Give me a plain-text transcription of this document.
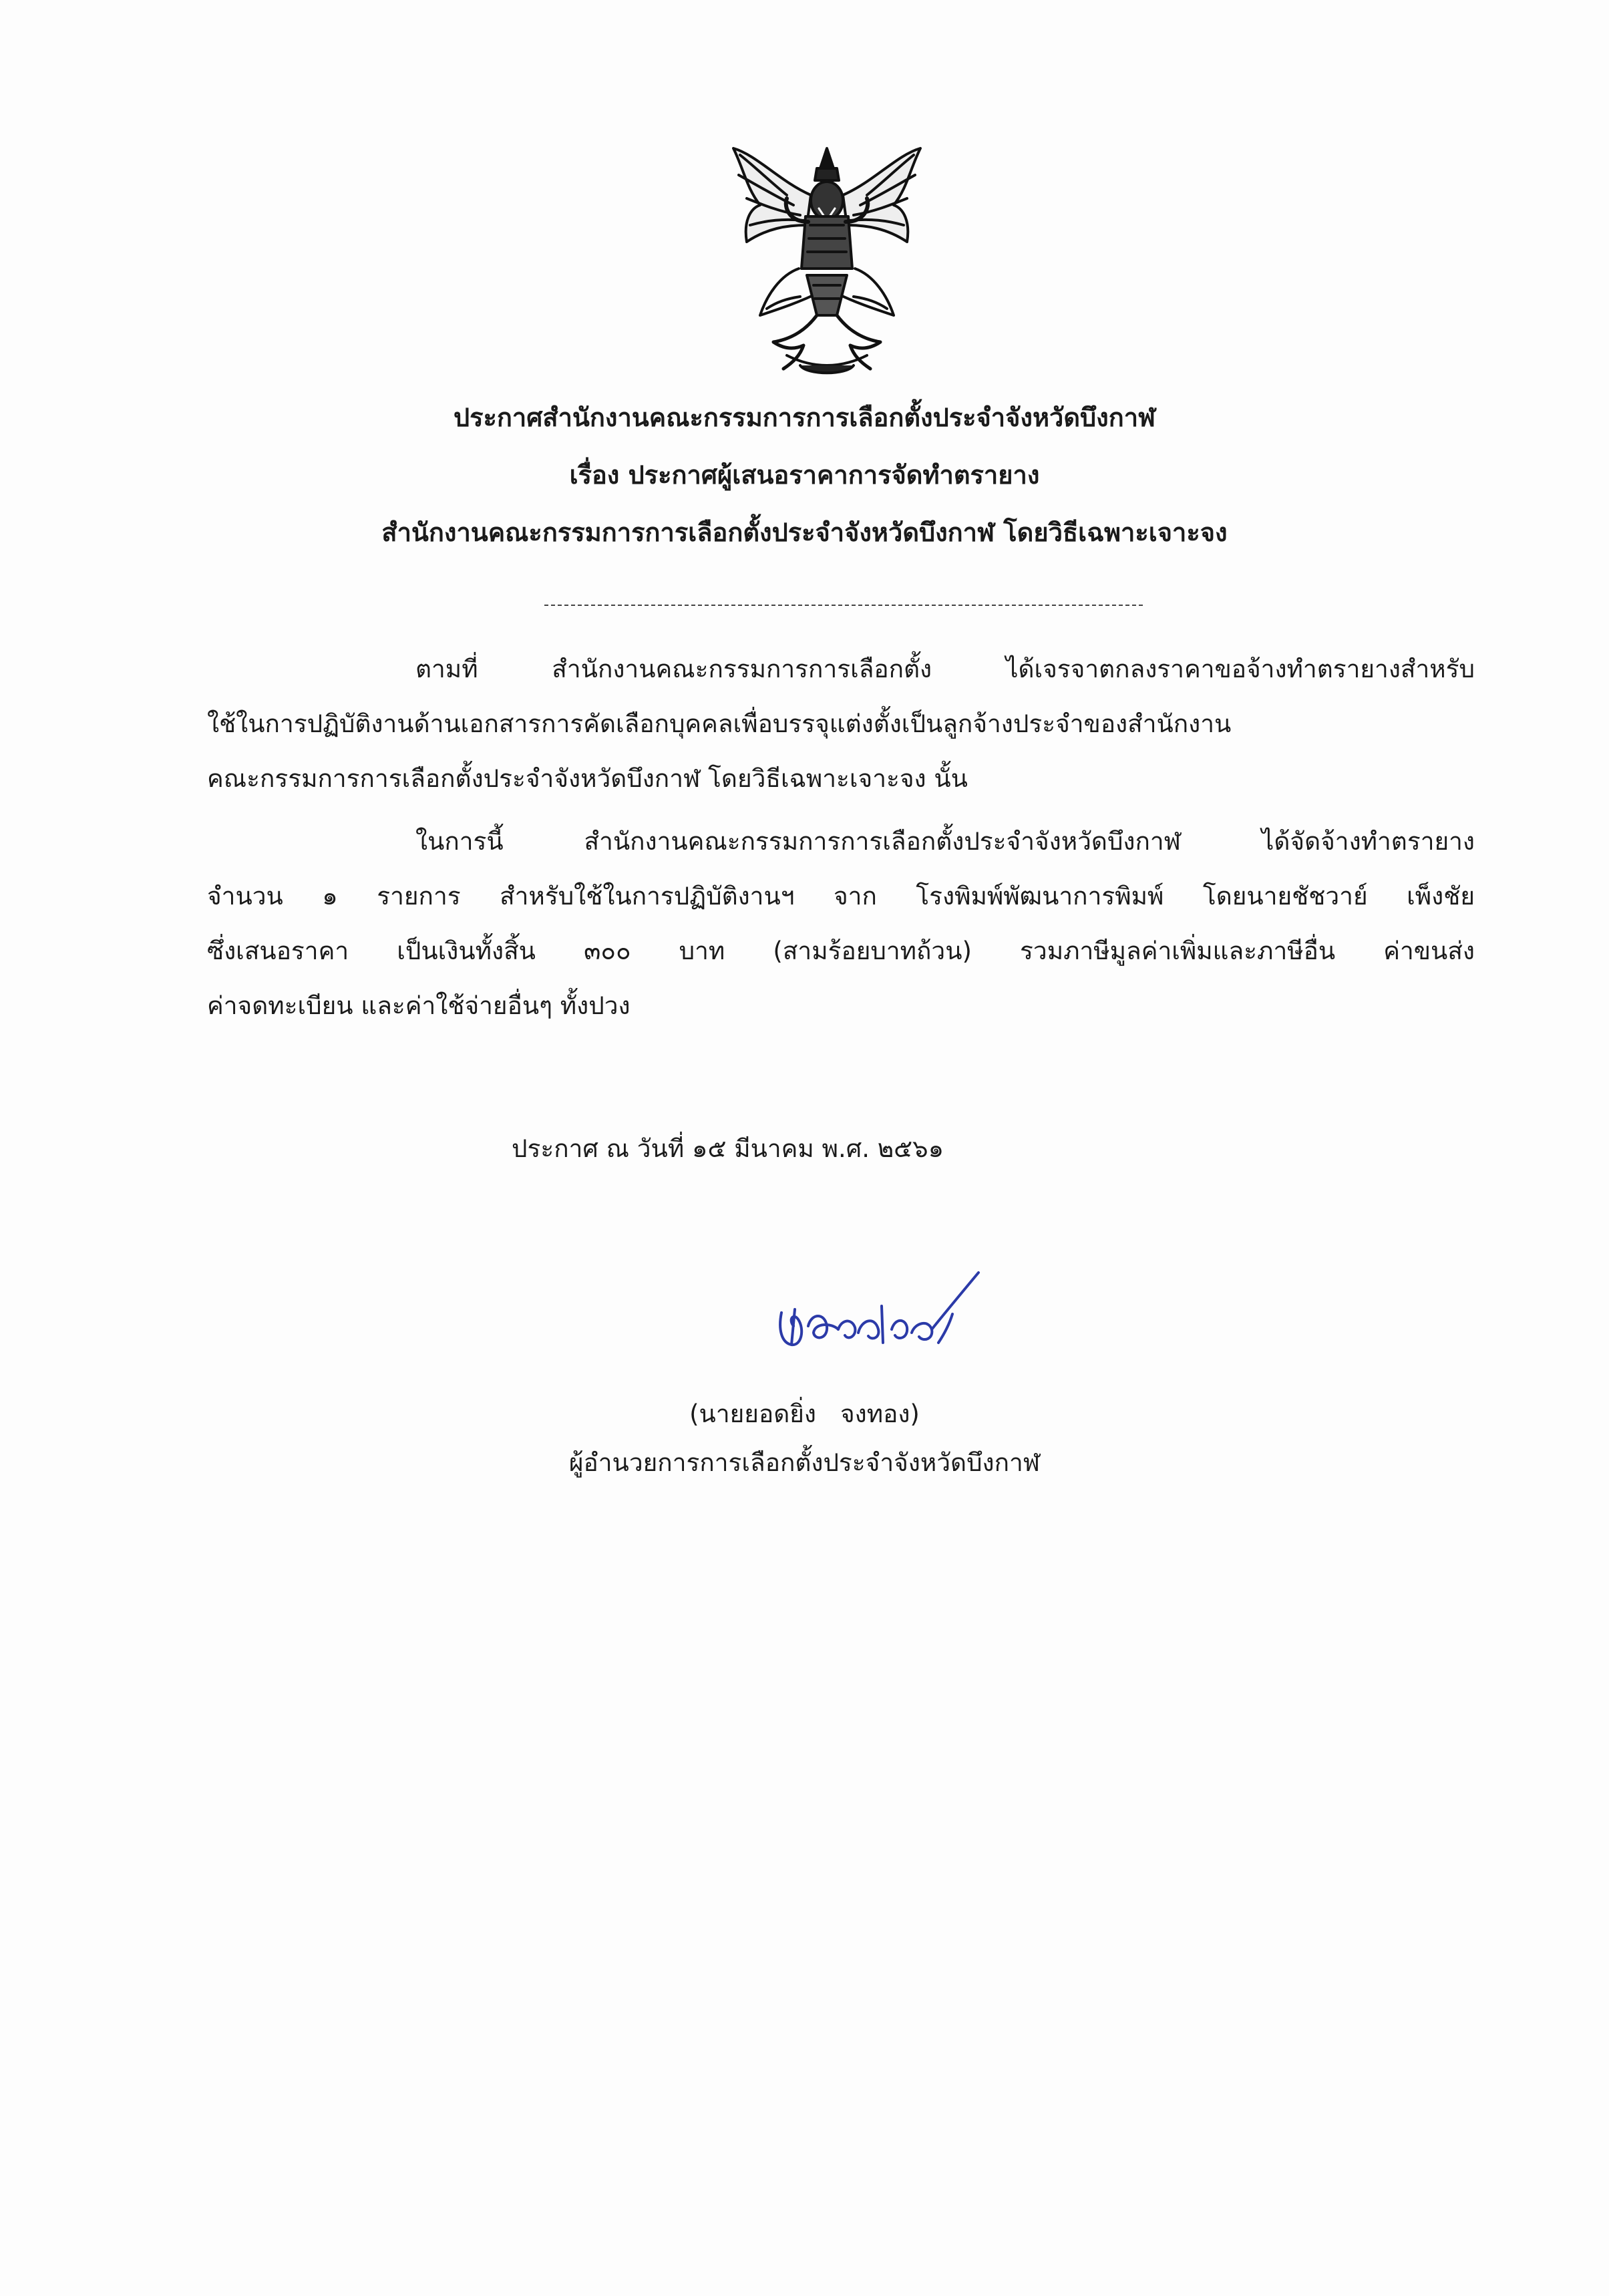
ประกาศสำนักงานคณะกรรมการการเลือกตั้งประจำจังหวัดบึงกาฬ
เรื่อง ประกาศผู้เสนอราคาการจัดทำตรายาง
สำนักงานคณะกรรมการการเลือกตั้งประจำจังหวัดบึงกาฬ โดยวิธีเฉพาะเจาะจง
ตามที่ สำนักงานคณะกรรมการการเลือกตั้ง ได้เจรจาตกลงราคาขอจ้างทำตรายางสำหรับ
ใช้ในการปฏิบัติงานด้านเอกสารการคัดเลือกบุคคลเพื่อบรรจุแต่งตั้งเป็นลูกจ้างประจำของสำนักงาน
คณะกรรมการการเลือกตั้งประจำจังหวัดบึงกาฬ โดยวิธีเฉพาะเจาะจง นั้น
ในการนี้ สำนักงานคณะกรรมการการเลือกตั้งประจำจังหวัดบึงกาฬ ได้จัดจ้างทำตรายาง
จำนวน ๑ รายการ สำหรับใช้ในการปฏิบัติงานฯ จาก โรงพิมพ์พัฒนาการพิมพ์ โดยนายชัชวาย์ เพ็งชัย
ซึ่งเสนอราคา เป็นเงินทั้งสิ้น ๓๐๐ บาท (สามร้อยบาทถ้วน) รวมภาษีมูลค่าเพิ่มและภาษีอื่น ค่าขนส่ง
ค่าจดทะเบียน และค่าใช้จ่ายอื่นๆ ทั้งปวง
ประกาศ ณ วันที่ ๑๕ มีนาคม พ.ศ. ๒๕๖๑
(นายยอดยิ่ง จงทอง)
ผู้อำนวยการการเลือกตั้งประจำจังหวัดบึงกาฬ
